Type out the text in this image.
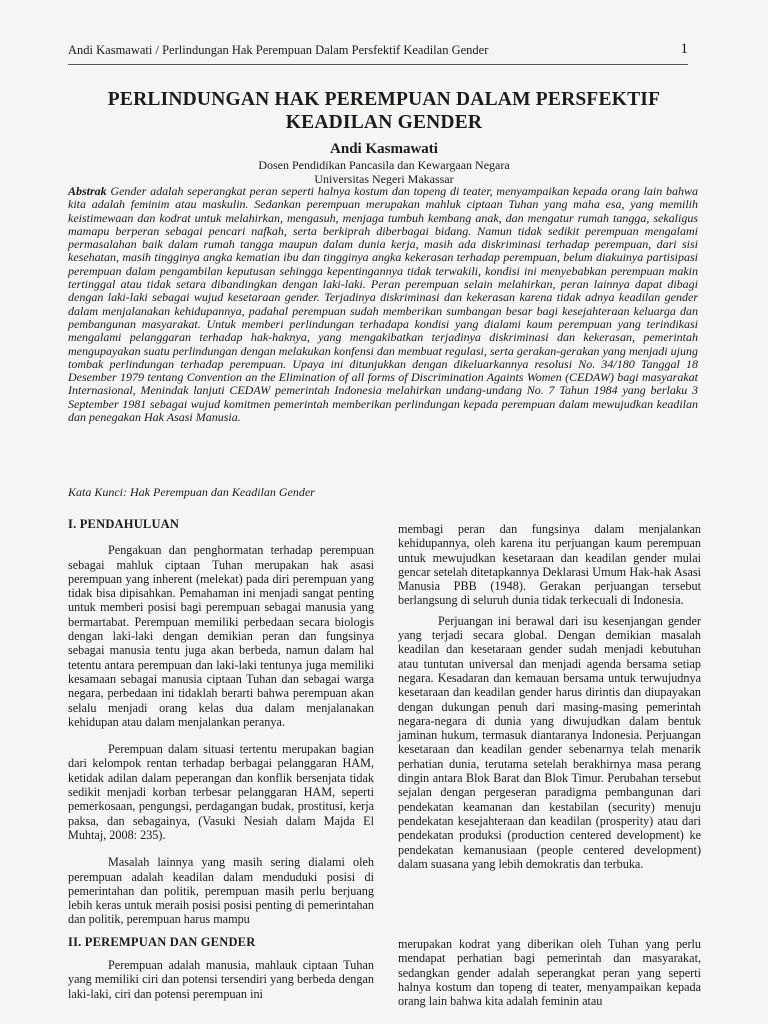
Andi Kasmawati / Perlindungan Hak Perempuan Dalam Persfektif Keadilan Gender	1
PERLINDUNGAN HAK PEREMPUAN DALAM PERSFEKTIF
KEADILAN GENDER
Andi Kasmawati
Dosen Pendidikan Pancasila dan Kewargaan Negara
Universitas Negeri Makassar
Abstrak Gender adalah seperangkat peran seperti halnya kostum dan topeng di teater, menyampaikan kepada orang lain bahwa kita adalah feminim atau maskulin. Sedankan perempuan merupakan mahluk ciptaan Tuhan yang maha esa, yang memilih keistimewaan dan kodrat untuk melahirkan, mengasuh, menjaga tumbuh kembang anak, dan mengatur rumah tangga, sekaligus mamapu berperan sebagai pencari nafkah, serta berkiprah diberbagai bidang. Namun tidak sedikit perempuan mengalami permasalahan baik dalam rumah tangga maupun dalam dunia kerja, masih ada diskriminasi terhadap perempuan, dari sisi kesehatan, masih tingginya angka kematian ibu dan tingginya angka kekerasan terhadap perempuan, belum diakuinya partisipasi perempuan dalam pengambilan keputusan sehingga kepentingannya tidak terwakili, kondisi ini menyebabkan perempuan makin tertinggal atau tidak setara dibandingkan dengan laki-laki. Peran perempuan selain melahirkan, peran lainnya dapat dibagi dengan laki-laki sebagai wujud kesetaraan gender. Terjadinya diskriminasi dan kekerasan karena tidak adnya keadilan gender dalam menjalanakan kehidupannya, padahal perempuan sudah memberikan sumbangan besar bagi kesejahteraan keluarga dan pembangunan masyarakat. Untuk memberi perlindungan terhadapa kondisi yang dialami kaum perempuan yang terindikasi mengalami pelanggaran terhadap hak-haknya, yang mengakibatkan terjadinya diskriminasi dan kekerasan, pemerintah mengupayakan suatu perlindungan dengan melakukan konfensi dan membuat regulasi, serta gerakan-gerakan yang menjadi ujung tombak perlindungan terhadap perempuan. Upaya ini ditunjukkan dengan dikeluarkannya resolusi No. 34/180 Tanggal 18 Desember 1979 tentang Convention an the Elimination of all forms of Discrimination Againts Women (CEDAW) bagi masyarakat Internasional, Menindak lanjuti CEDAW pemerintah Indonesia melahirkan undang-undang No. 7 Tahun 1984 yang berlaku 3 September 1981 sebagai wujud komitmen pemerintah memberikan perlindungan kepada perempuan dalam mewujudkan keadilan dan penegakan Hak Asasi Manusia.
Kata Kunci: Hak Perempuan dan Keadilan Gender
I. PENDAHULUAN

Pengakuan dan penghormatan terhadap perempuan sebagai mahluk ciptaan Tuhan merupakan hak asasi perempuan yang inherent (melekat) pada diri perempuan yang tidak bisa dipisahkan. Pemahaman ini menjadi sangat penting untuk memberi posisi bagi perempuan sebagai manusia yang bermartabat. Perempuan memiliki perbedaan secara biologis dengan laki-laki dengan demikian peran dan fungsinya sebagai manusia tentu juga akan berbeda, namun dalam hal tetentu antara perempuan dan laki-laki tentunya juga memiliki kesamaan sebagai manusia ciptaan Tuhan dan sebagai warga negara, perbedaan ini tidaklah berarti bahwa perempuan akan selalu menjadi orang kelas dua dalam menjalanakan kehidupan atau dalam menjalankan peranya.

Perempuan dalam situasi tertentu merupakan bagian dari kelompok rentan terhadap berbagai pelanggaran HAM, ketidak adilan dalam peperangan dan konflik bersenjata tidak sedikit menjadi korban terbesar pelanggaran HAM, seperti pemerkosaan, pengungsi, perdagangan budak, prostitusi, kerja paksa, dan sebagainya, (Vasuki Nesiah dalam Majda El Muhtaj, 2008: 235).

Masalah lainnya yang masih sering dialami oleh perempuan adalah keadilan dalam menduduki posisi di pemerintahan dan politik, perempuan masih perlu berjuang lebih keras untuk meraih posisi posisi penting di pemerintahan dan politik, perempuan harus mampu

II. PEREMPUAN DAN GENDER

Perempuan adalah manusia, mahlauk ciptaan Tuhan yang memiliki ciri dan potensi tersendiri yang berbeda dengan laki-laki, ciri dan potensi perempuan ini

membagi peran dan fungsinya dalam menjalankan kehidupannya, oleh karena itu perjuangan kaum perempuan untuk mewujudkan kesetaraan dan keadilan gender mulai gencar setelah ditetapkannya Deklarasi Umum Hak-hak Asasi Manusia PBB (1948). Gerakan perjuangan tersebut berlangsung di seluruh dunia tidak terkecuali di Indonesia.

Perjuangan ini berawal dari isu kesenjangan gender yang terjadi secara global. Dengan demikian masalah keadilan dan kesetaraan gender sudah menjadi kebutuhan atau tuntutan universal dan menjadi agenda bersama setiap negara. Kesadaran dan kemauan bersama untuk terwujudnya kesetaraan dan keadilan gender harus dirintis dan diupayakan dengan dukungan penuh dari masing-masing pemerintah negara-negara di dunia yang diwujudkan dalam bentuk jaminan hukum, termasuk diantaranya Indonesia. Perjuangan kesetaraan dan keadilan gender sebenarnya telah menarik perhatian dunia, terutama setelah berakhirnya masa perang dingin antara Blok Barat dan Blok Timur. Perubahan tersebut sejalan dengan pergeseran paradigma pembangunan dari pendekatan keamanan dan kestabilan (security) menuju pendekatan kesejahteraan dan keadilan (prosperity) atau dari pendekatan produksi (production centered development) ke pendekatan kemanusiaan (people centered development) dalam suasana yang lebih demokratis dan terbuka.

merupakan kodrat yang diberikan oleh Tuhan yang perlu mendapat perhatian bagi pemerintah dan masyarakat, sedangkan gender adalah seperangkat peran yang seperti halnya kostum dan topeng di teater, menyampaikan kepada orang lain bahwa kita adalah feminin atau
